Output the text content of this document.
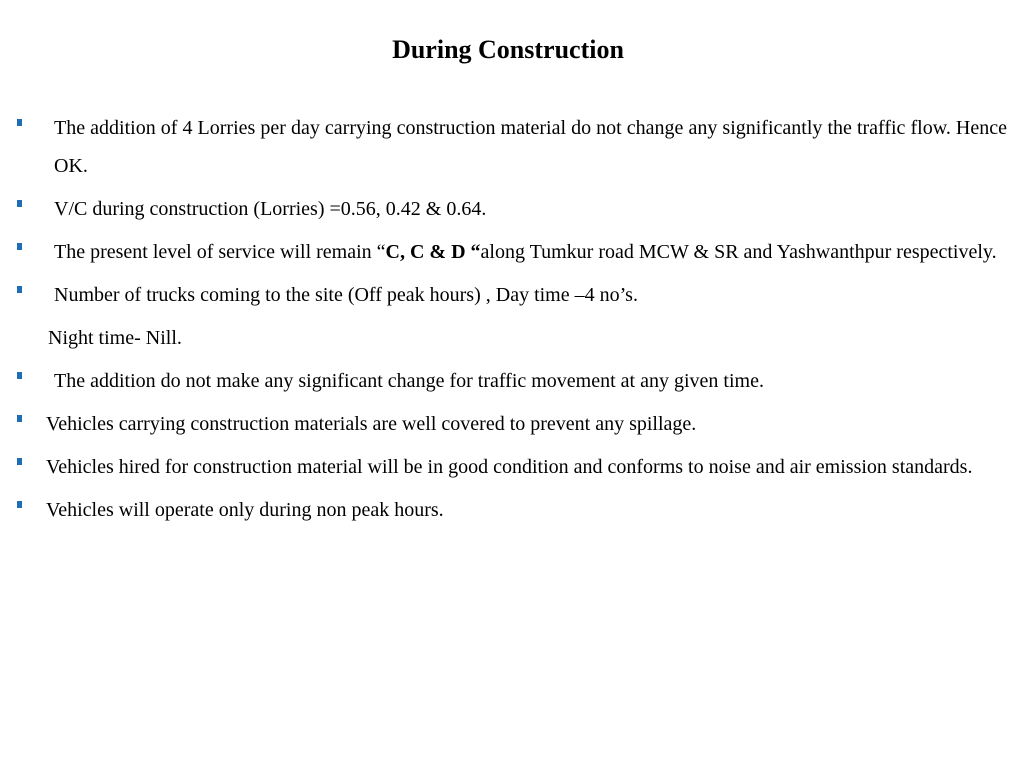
During Construction
The addition of 4 Lorries per day carrying construction material do not change any significantly the traffic flow. Hence OK.
V/C during construction (Lorries) =0.56, 0.42 & 0.64.
The present level of service will remain “C, C & D “along Tumkur road MCW & SR and Yashwanthpur respectively.
Number of trucks coming to the site (Off peak hours) , Day time –4 no’s.
Night time- Nill.
The addition do not make any significant change for traffic movement at any given time.
Vehicles carrying construction materials are well covered to prevent any spillage.
Vehicles hired for construction material will be in good condition and conforms to noise and air emission standards.
Vehicles will operate only during non peak hours.
